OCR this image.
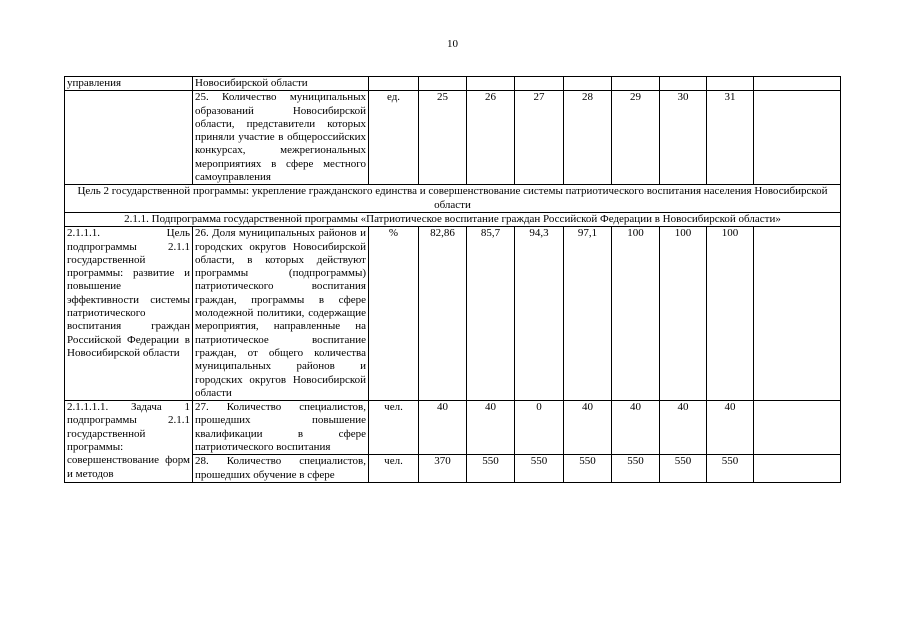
10
управления	Новосибирской области									
	25. Количество муниципальных образований Новосибирской области, представители которых приняли участие в общероссийских конкурсах, межрегиональных мероприятиях в сфере местного самоуправления	ед.	25	26	27	28	29	30	31	
Цель 2 государственной программы: укрепление гражданского единства и совершенствование системы патриотического воспитания населения Новосибирской области										
2.1.1. Подпрограмма государственной программы «Патриотическое воспитание граждан Российской Федерации в Новосибирской области»										
2.1.1.1. Цель подпрограммы 2.1.1 государственной программы: развитие и повышение эффективности системы патриотического воспитания граждан Российской Федерации в Новосибирской области	26. Доля муниципальных районов и городских округов Новосибирской области, в которых действуют программы (подпрограммы) патриотического воспитания граждан, программы в сфере молодежной политики, содержащие мероприятия, направленные на патриотическое воспитание граждан, от общего количества муниципальных районов и городских округов Новосибирской области	%	82,86	85,7	94,3	97,1	100	100	100	
2.1.1.1.1. Задача 1 подпрограммы 2.1.1 государственной программы: совершенствование форм и методов	27. Количество специалистов, прошедших повышение квалификации в сфере патриотического воспитания	чел.	40	40	0	40	40	40	40	
	28. Количество специалистов, прошедших обучение в сфере	чел.	370	550	550	550	550	550	550	
